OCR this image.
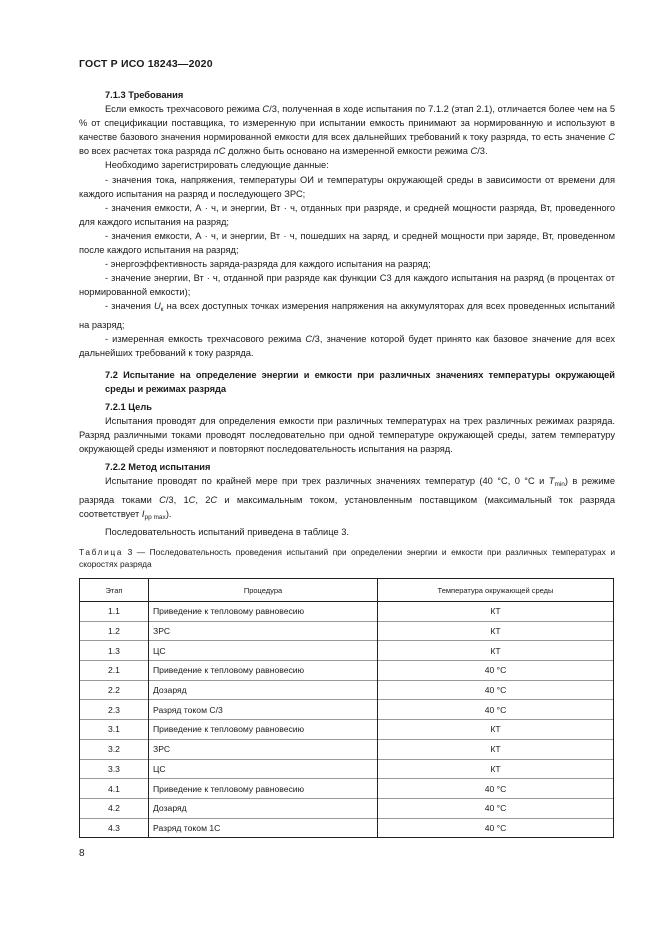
ГОСТ Р ИСО 18243—2020

7.1.3 Требования

Если емкость трехчасового режима С/3, полученная в ходе испытания по 7.1.2 (этап 2.1), отличается более чем на 5 % от спецификации поставщика, то измеренную при испытании емкость принимают за нормированную и используют в качестве базового значения нормированной емкости для всех дальнейших требований к току разряда, то есть значение С во всех расчетах тока разряда nC должно быть основано на измеренной емкости режима С/3.

Необходимо зарегистрировать следующие данные:

- значения тока, напряжения, температуры ОИ и температуры окружающей среды в зависимости от времени для каждого испытания на разряд и последующего ЗРС;

- значения емкости, А · ч, и энергии, Вт · ч, отданных при разряде, и средней мощности разряда, Вт, проведенного для каждого испытания на разряд;

- значения емкости, А · ч, и энергии, Вт · ч, пошедших на заряд, и средней мощности при заряде, Вт, проведенном после каждого испытания на разряд;

- энергоэффективность заряда-разряда для каждого испытания на разряд;

- значение энергии, Вт · ч, отданной при разряде как функции С3 для каждого испытания на разряд (в процентах от нормированной емкости);

- значения $U_к$ на всех доступных точках измерения напряжения на аккумуляторах для всех проведенных испытаний на разряд;

- измеренная емкость трехчасового режима С/3, значение которой будет принято как базовое значение для всех дальнейших требований к току разряда.

7.2 Испытание на определение энергии и емкости при различных значениях температуры окружающей среды и режимах разряда

7.2.1 Цель

Испытания проводят для определения емкости при различных температурах на трех различных режимах разряда. Разряд различными токами проводят последовательно при одной температуре окружающей среды, затем температуру окружающей среды изменяют и повторяют последовательность испытания на разряд.

7.2.2 Метод испытания

Испытание проводят по крайней мере при трех различных значениях температур (40 °С, 0 °С и $T_{min}$) в режиме разряда токами С/3, 1С, 2С и максимальным током, установленным поставщиком (максимальный ток разряда соответствует $I_{pp max}$).

Последовательность испытаний приведена в таблице 3.

Таблица 3 — Последовательность проведения испытаний при определении энергии и емкости при различных температурах и скоростях разряда
Этап	Процедура	Температура окружающей среды
1.1	Приведение к тепловому равновесию	КТ
1.2	ЗРС	КТ
1.3	ЦС	КТ
2.1	Приведение к тепловому равновесию	40 °С
2.2	Дозаряд	40 °С
2.3	Разряд током С/3	40 °С
3.1	Приведение к тепловому равновесию	КТ
3.2	ЗРС	КТ
3.3	ЦС	КТ
4.1	Приведение к тепловому равновесию	40 °С
4.2	Дозаряд	40 °С
4.3	Разряд током 1С	40 °С
8
